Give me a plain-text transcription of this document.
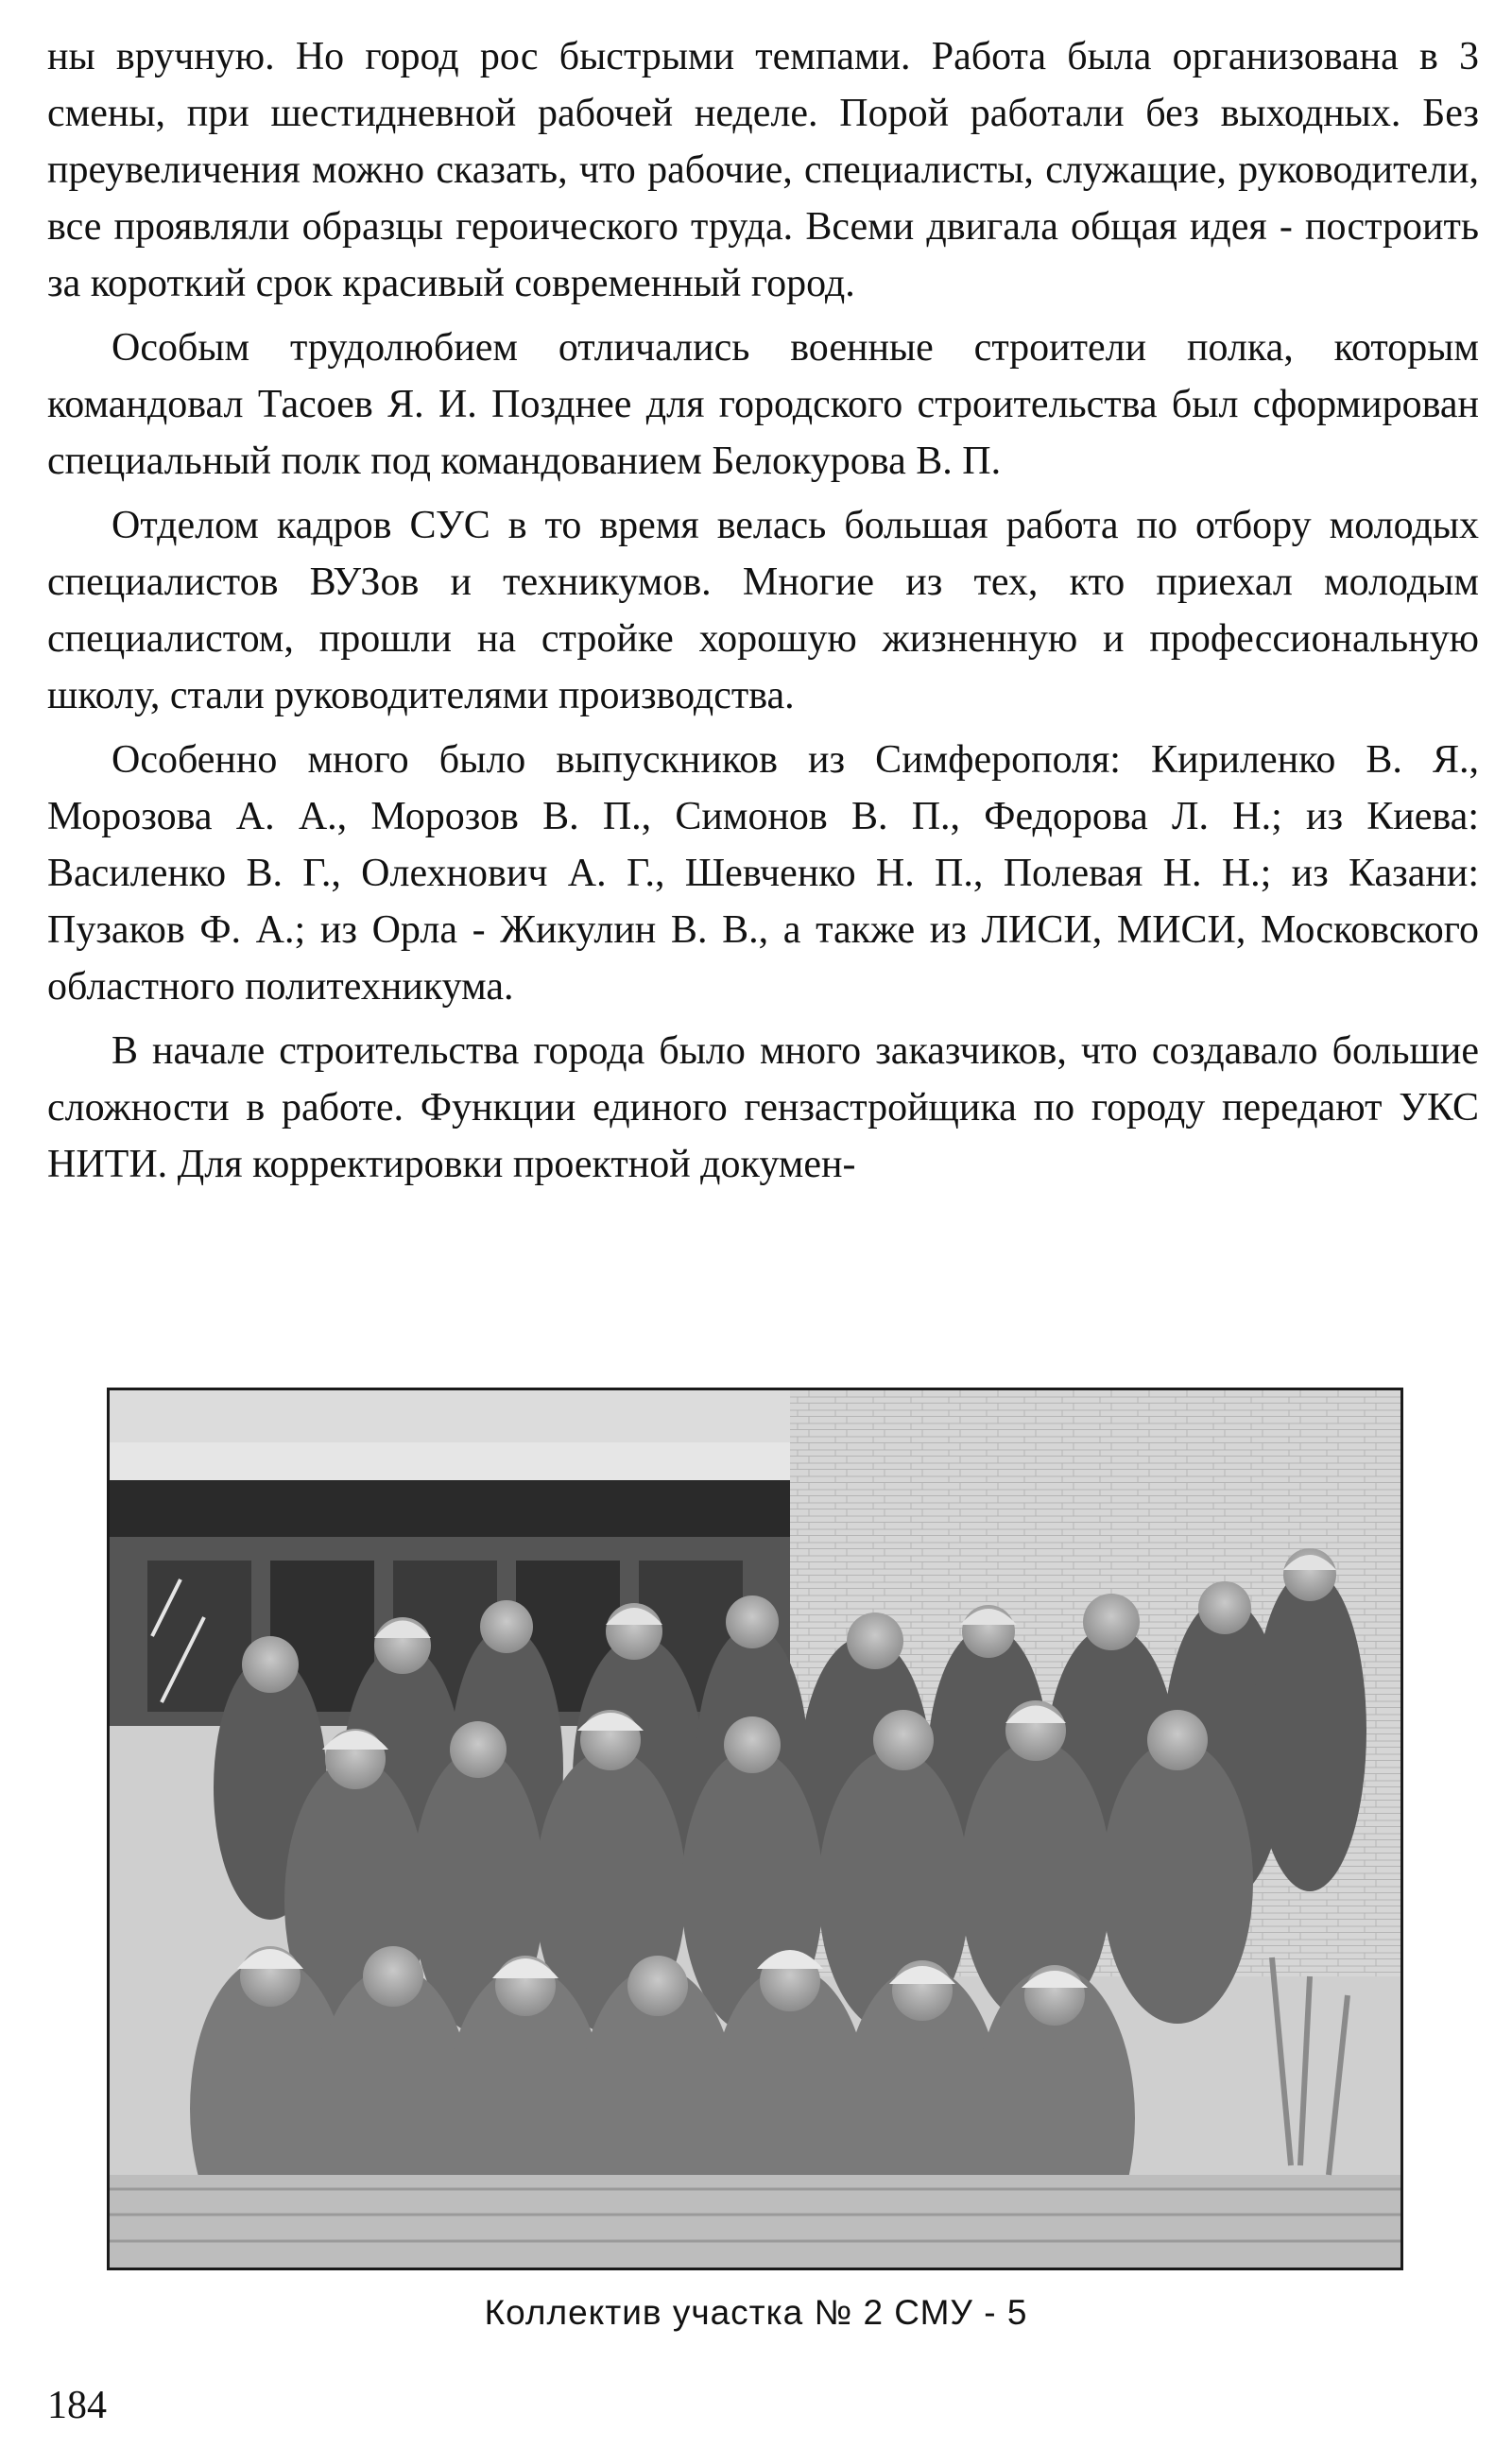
ны вручную. Но город рос быстрыми темпами. Работа была организована в 3 смены, при шестидневной рабочей неделе. Порой работали без выходных. Без преувеличения можно сказать, что рабочие, специалисты, служащие, руководители, все проявляли образцы героического труда. Всеми двигала общая идея - построить за короткий срок красивый современный город.

Особым трудолюбием отличались военные строители полка, которым командовал Тасоев Я. И. Позднее для городского строительства был сформирован специальный полк под командованием Белокурова В. П.

Отделом кадров СУС в то время велась большая работа по отбору молодых специалистов ВУЗов и техникумов. Многие из тех, кто приехал молодым специалистом, прошли на стройке хорошую жизненную и профессиональную школу, стали руководителями производства.

Особенно много было выпускников из Симферополя: Кириленко В. Я., Морозова А. А., Морозов В. П., Симонов В. П., Федорова Л. Н.; из Киева: Василенко В. Г., Олехнович А. Г., Шевченко Н. П., Полевая Н. Н.; из Казани: Пузаков Ф. А.; из Орла - Жикулин В. В., а также из ЛИСИ, МИСИ, Московского областного политехникума.

В начале строительства города было много заказчиков, что создавало большие сложности в работе. Функции единого гензастройщика по городу передают УКС НИТИ. Для корректировки проектной докумен-

Коллектив участка № 2 СМУ - 5
184
